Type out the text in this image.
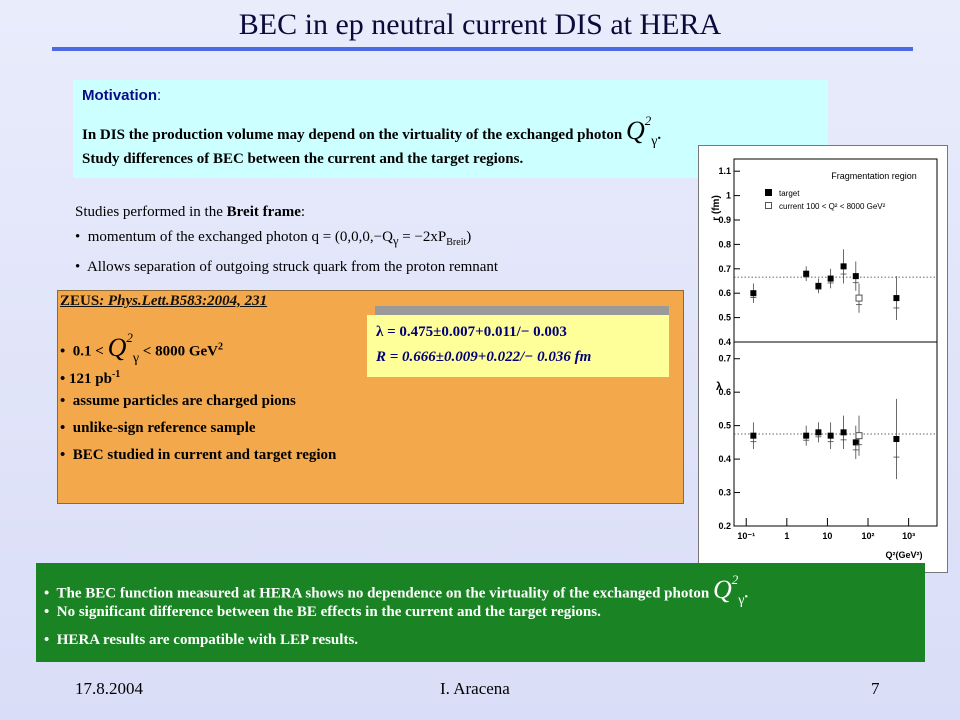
BEC in ep neutral current DIS at HERA
Motivation:
In DIS the production volume may depend on the virtuality of the exchanged photon $Q^2_\gamma$.
Study differences of BEC between the current and the target regions.
Studies performed in the Breit frame:
•  momentum of the exchanged photon $q = (0,0,0,-Q_\gamma = -2xP_{Breit})$
•  Allows separation of outgoing struck quark from the proton remnant
ZEUS: Phys.Lett.B583:2004, 231
•  $0.1 < Q^2_\gamma < 8000$ GeV$^2$
• 121 $pb^{-1}$
•  assume particles are charged pions
•  unlike-sign reference sample
•  BEC studied in current and target region
λ = 0.475±0.007+0.011/− 0.003
R = 0.666±0.009+0.022/− 0.036 fm
Fragmentation region
target
current 100 < Q² < 8000 GeV²
r (fm)
λ
Q²(GeV²)
1.1
1
0.9
0.8
0.7
0.6
0.5
0.4
0.7
0.6
0.5
0.4
0.3
0.2
10⁻¹	1	10	10²	10³
•  The BEC function measured at HERA shows no dependence on the virtuality of the exchanged photon $Q^2_\gamma$.
•  No significant difference between the BE effects in the current and the target regions.
•  HERA results are compatible with LEP results.
17.8.2004	I. Aracena	7
